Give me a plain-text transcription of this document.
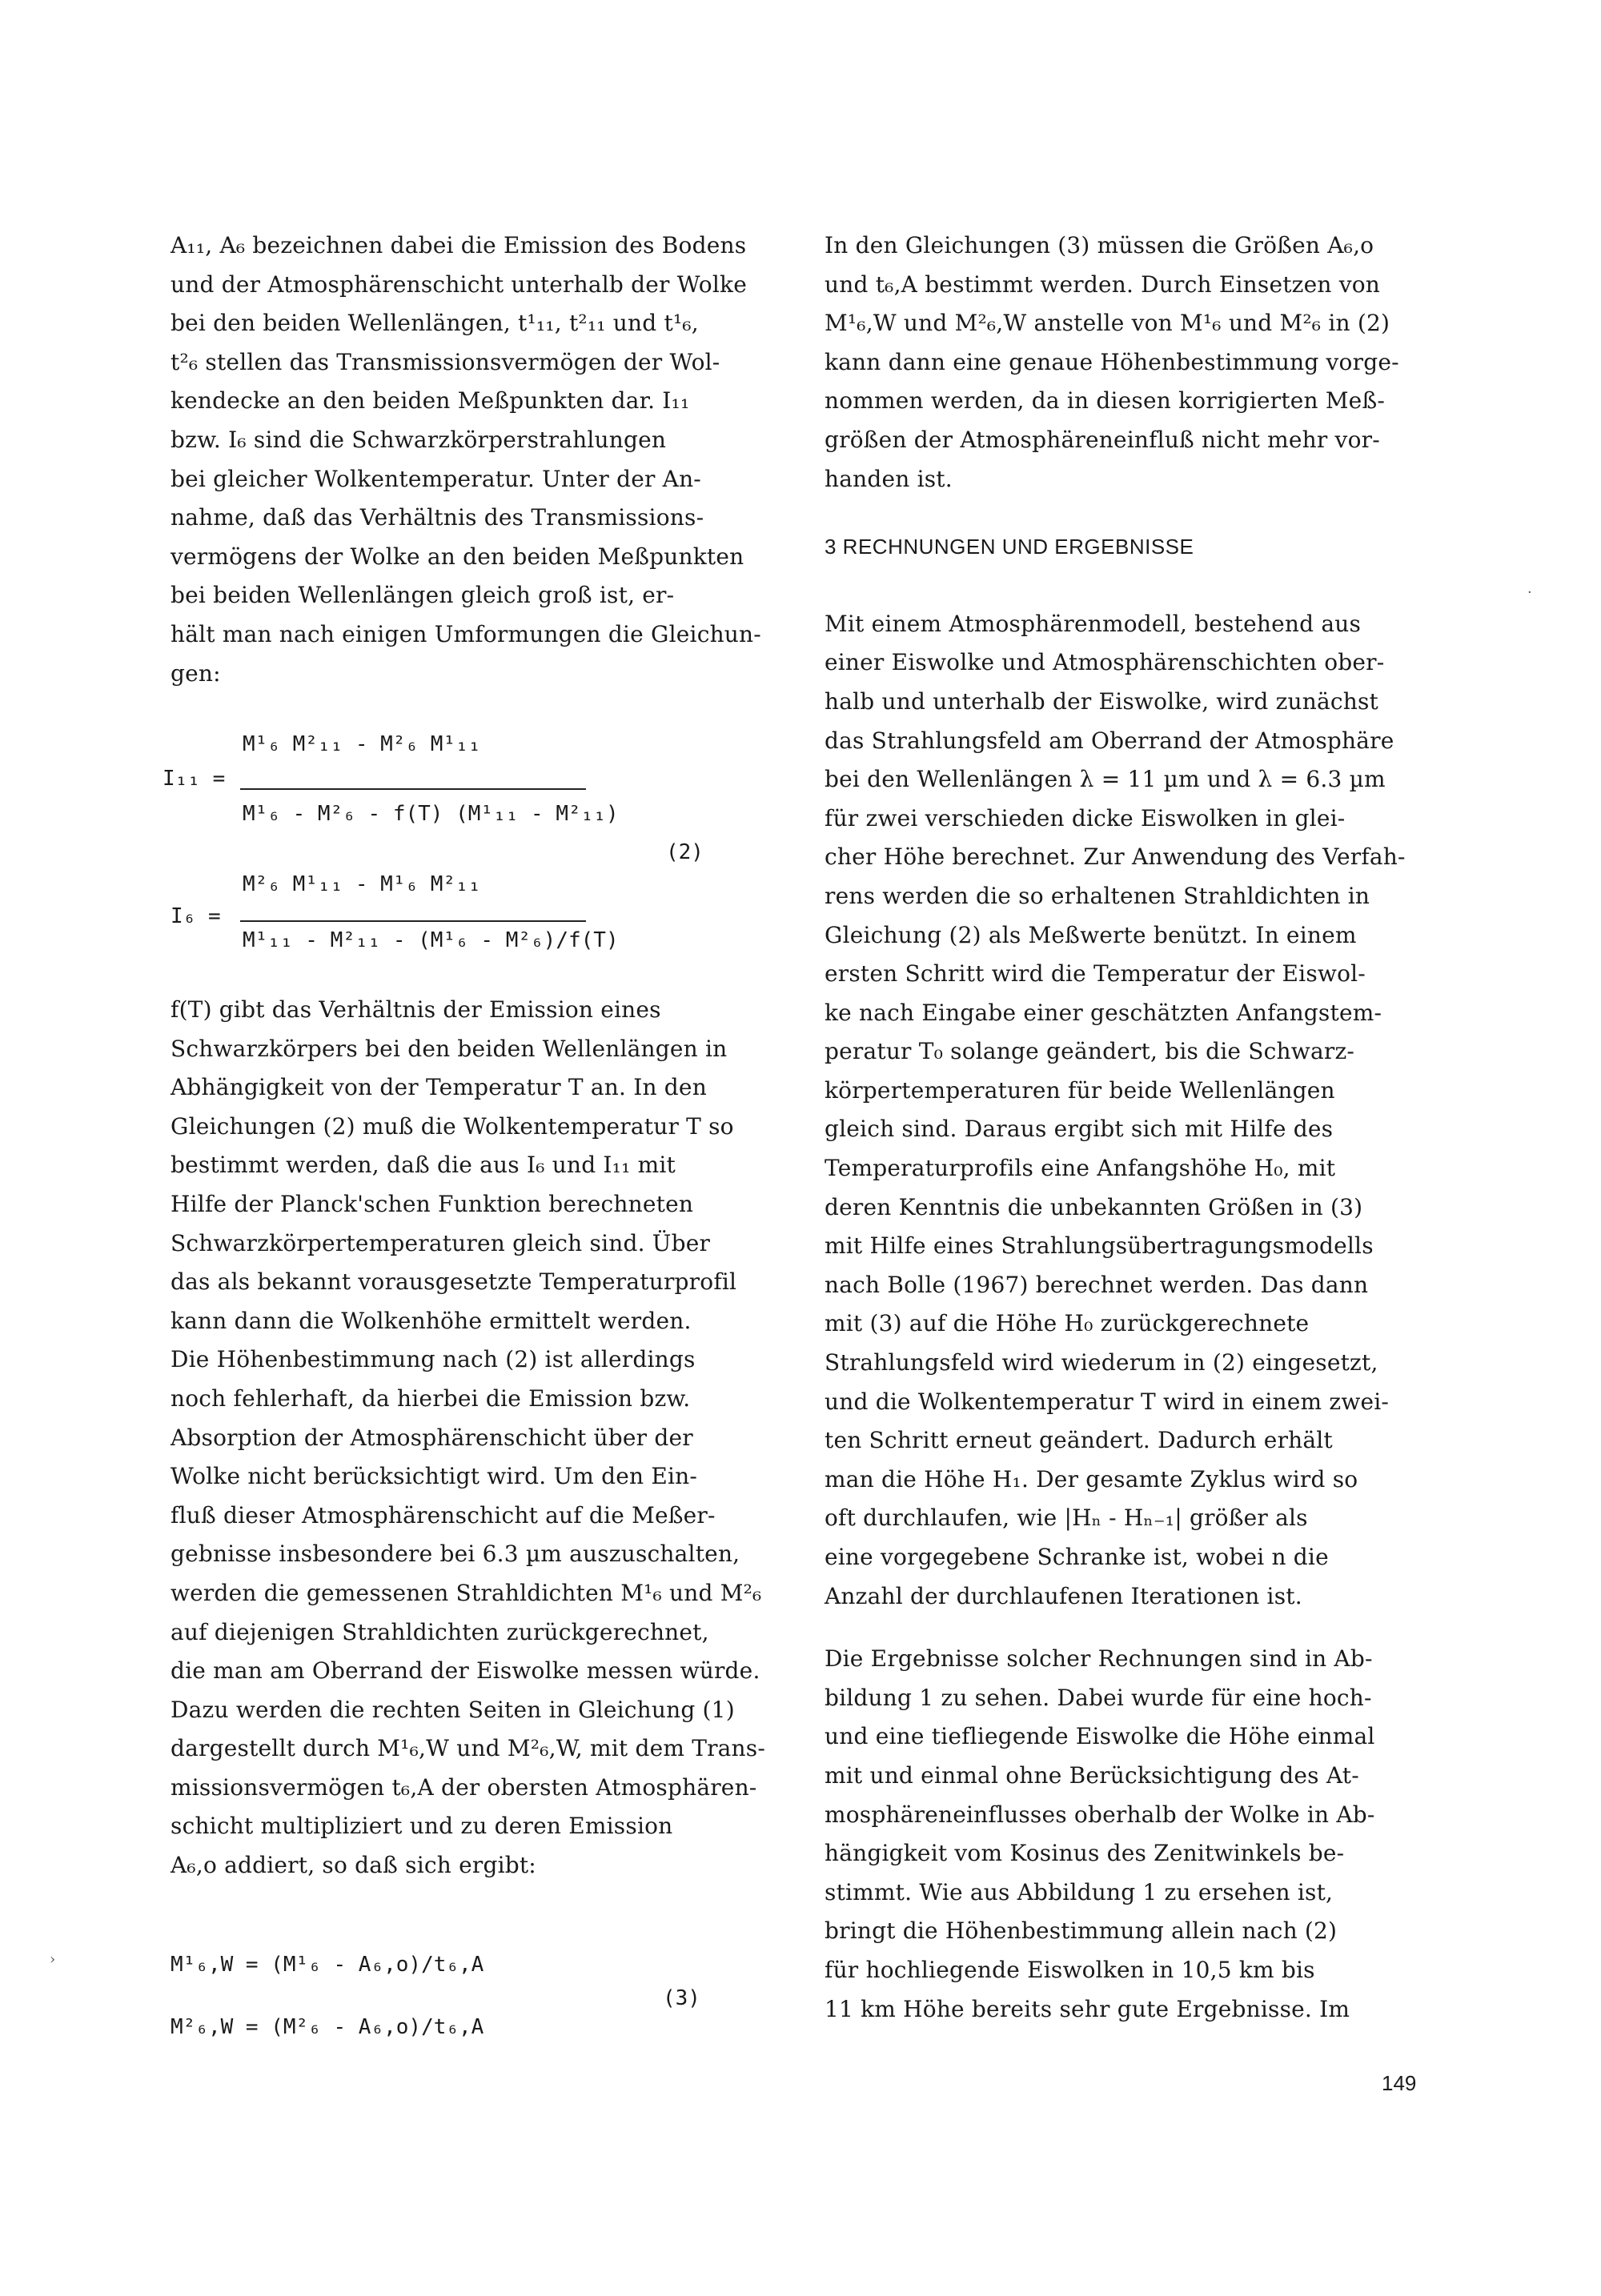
A₁₁, A₆ bezeichnen dabei die Emission des Bodens
und der Atmosphärenschicht unterhalb der Wolke
bei den beiden Wellenlängen, t¹₁₁, t²₁₁ und t¹₆,
t²₆ stellen das Transmissionsvermögen der Wol-
kendecke an den beiden Meßpunkten dar. I₁₁
bzw. I₆ sind die Schwarzkörperstrahlungen
bei gleicher Wolkentemperatur. Unter der An-
nahme, daß das Verhältnis des Transmissions-
vermögens der Wolke an den beiden Meßpunkten
bei beiden Wellenlängen gleich groß ist, er-
hält man nach einigen Umformungen die Gleichun-
gen:
M¹₆ M²₁₁ - M²₆ M¹₁₁
I₁₁ =
M¹₆ - M²₆ - f(T) (M¹₁₁ - M²₁₁)
(2)
M²₆ M¹₁₁ - M¹₆ M²₁₁
I₆ =
M¹₁₁ - M²₁₁ - (M¹₆ - M²₆)/f(T)
f(T) gibt das Verhältnis der Emission eines
Schwarzkörpers bei den beiden Wellenlängen in
Abhängigkeit von der Temperatur T an. In den
Gleichungen (2) muß die Wolkentemperatur T so
bestimmt werden, daß die aus I₆ und I₁₁ mit
Hilfe der Planck'schen Funktion berechneten
Schwarzkörpertemperaturen gleich sind. Über
das als bekannt vorausgesetzte Temperaturprofil
kann dann die Wolkenhöhe ermittelt werden.
Die Höhenbestimmung nach (2) ist allerdings
noch fehlerhaft, da hierbei die Emission bzw.
Absorption der Atmosphärenschicht über der
Wolke nicht berücksichtigt wird. Um den Ein-
fluß dieser Atmosphärenschicht auf die Meßer-
gebnisse insbesondere bei 6.3 µm auszuschalten,
werden die gemessenen Strahldichten M¹₆ und M²₆
auf diejenigen Strahldichten zurückgerechnet,
die man am Oberrand der Eiswolke messen würde.
Dazu werden die rechten Seiten in Gleichung (1)
dargestellt durch M¹₆,W und M²₆,W, mit dem Trans-
missionsvermögen t₆,A der obersten Atmosphären-
schicht multipliziert und zu deren Emission
A₆,o addiert, so daß sich ergibt:
M¹₆,W = (M¹₆ - A₆,o)/t₆,A
(3)
M²₆,W = (M²₆ - A₆,o)/t₆,A
In den Gleichungen (3) müssen die Größen A₆,o
und t₆,A bestimmt werden. Durch Einsetzen von
M¹₆,W und M²₆,W anstelle von M¹₆ und M²₆ in (2)
kann dann eine genaue Höhenbestimmung vorge-
nommen werden, da in diesen korrigierten Meß-
größen der Atmosphäreneinfluß nicht mehr vor-
handen ist.
3 RECHNUNGEN UND ERGEBNISSE
Mit einem Atmosphärenmodell, bestehend aus
einer Eiswolke und Atmosphärenschichten ober-
halb und unterhalb der Eiswolke, wird zunächst
das Strahlungsfeld am Oberrand der Atmosphäre
bei den Wellenlängen λ = 11 µm und λ = 6.3 µm
für zwei verschieden dicke Eiswolken in glei-
cher Höhe berechnet. Zur Anwendung des Verfah-
rens werden die so erhaltenen Strahldichten in
Gleichung (2) als Meßwerte benützt. In einem
ersten Schritt wird die Temperatur der Eiswol-
ke nach Eingabe einer geschätzten Anfangstem-
peratur T₀ solange geändert, bis die Schwarz-
körpertemperaturen für beide Wellenlängen
gleich sind. Daraus ergibt sich mit Hilfe des
Temperaturprofils eine Anfangshöhe H₀, mit
deren Kenntnis die unbekannten Größen in (3)
mit Hilfe eines Strahlungsübertragungsmodells
nach Bolle (1967) berechnet werden. Das dann
mit (3) auf die Höhe H₀ zurückgerechnete
Strahlungsfeld wird wiederum in (2) eingesetzt,
und die Wolkentemperatur T wird in einem zwei-
ten Schritt erneut geändert. Dadurch erhält
man die Höhe H₁. Der gesamte Zyklus wird so
oft durchlaufen, wie |Hₙ - Hₙ₋₁| größer als
eine vorgegebene Schranke ist, wobei n die
Anzahl der durchlaufenen Iterationen ist.
Die Ergebnisse solcher Rechnungen sind in Ab-
bildung 1 zu sehen. Dabei wurde für eine hoch-
und eine tiefliegende Eiswolke die Höhe einmal
mit und einmal ohne Berücksichtigung des At-
mosphäreneinflusses oberhalb der Wolke in Ab-
hängigkeit vom Kosinus des Zenitwinkels be-
stimmt. Wie aus Abbildung 1 zu ersehen ist,
bringt die Höhenbestimmung allein nach (2)
für hochliegende Eiswolken in 10,5 km bis
11 km Höhe bereits sehr gute Ergebnisse. Im
149
›
·
